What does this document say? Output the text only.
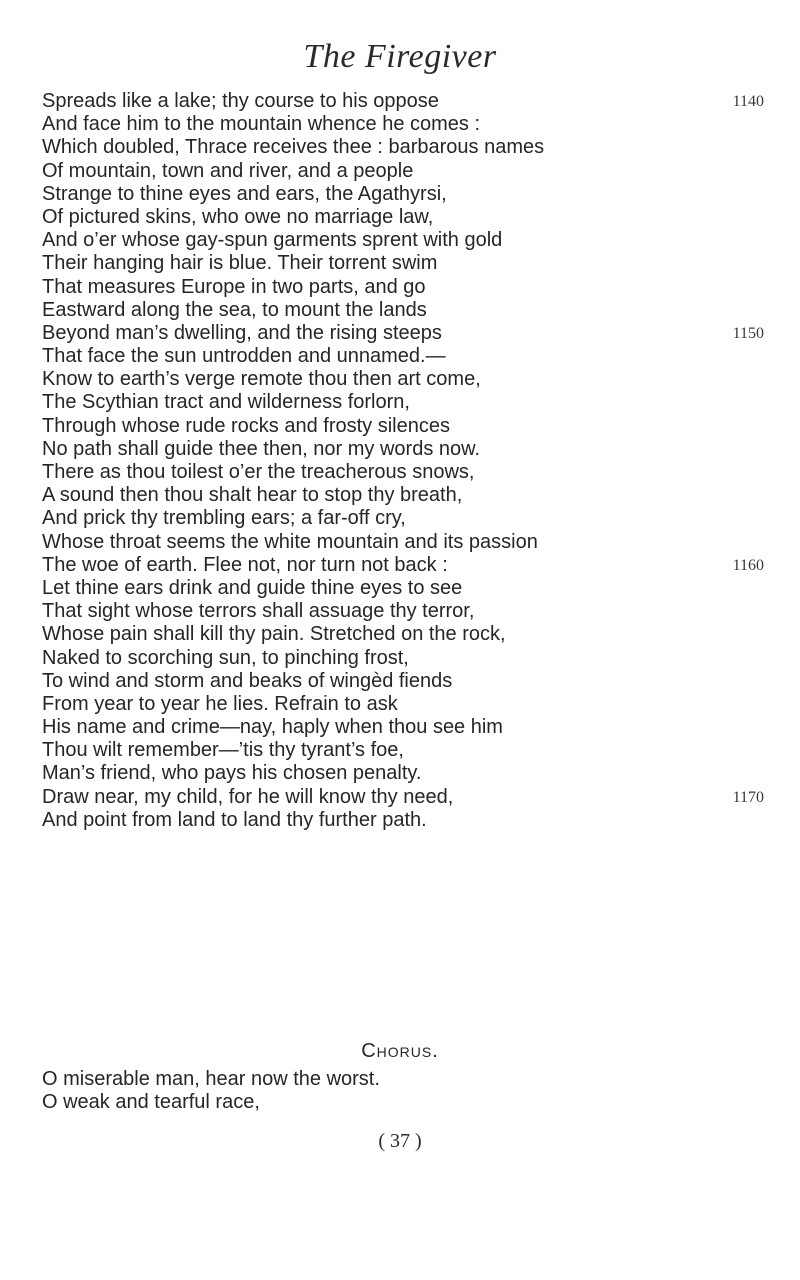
The Firegiver
Spreads like a lake; thy course to his oppose	1140
And face him to the mountain whence he comes :
Which doubled, Thrace receives thee : barbarous names
Of mountain, town and river, and a people
Strange to thine eyes and ears, the Agathyrsi,
Of pictured skins, who owe no marriage law,
And o’er whose gay-spun garments sprent with gold
Their hanging hair is blue. Their torrent swim
That measures Europe in two parts, and go
Eastward along the sea, to mount the lands
Beyond man’s dwelling, and the rising steeps	1150
That face the sun untrodden and unnamed.—
Know to earth’s verge remote thou then art come,
The Scythian tract and wilderness forlorn,
Through whose rude rocks and frosty silences
No path shall guide thee then, nor my words now.
There as thou toilest o’er the treacherous snows,
A sound then thou shalt hear to stop thy breath,
And prick thy trembling ears; a far-off cry,
Whose throat seems the white mountain and its passion
The woe of earth. Flee not, nor turn not back :	1160
Let thine ears drink and guide thine eyes to see
That sight whose terrors shall assuage thy terror,
Whose pain shall kill thy pain. Stretched on the rock,
Naked to scorching sun, to pinching frost,
To wind and storm and beaks of wingèd fiends
From year to year he lies. Refrain to ask
His name and crime—nay, haply when thou see him
Thou wilt remember—’tis thy tyrant’s foe,
Man’s friend, who pays his chosen penalty.
Draw near, my child, for he will know thy need,	1170
And point from land to land thy further path.
Chorus.
O miserable man, hear now the worst.
O weak and tearful race,
( 37 )
